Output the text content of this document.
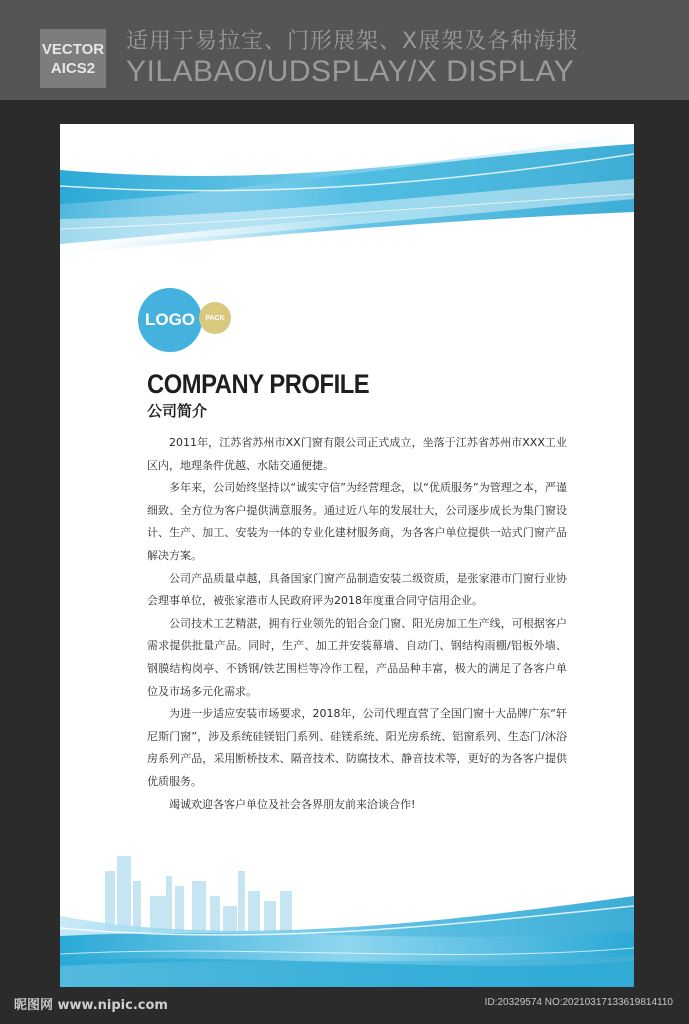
VECTOR
AICS2
适用于易拉宝、门形展架、X展架及各种海报
YILABAO/UDSPLAY/X DISPLAY
LOGO PACK
COMPANY PROFILE
公司简介

2011年，江苏省苏州市XX门窗有限公司正式成立，坐落于江苏省苏州市XXX工业区内，地理条件优越、水陆交通便捷。

多年来，公司始终坚持以“诚实守信”为经营理念，以“优质服务”为管理之本，严谨细致、全方位为客户提供满意服务。通过近八年的发展壮大，公司逐步成长为集门窗设计、生产、加工、安装为一体的专业化建材服务商，为各客户单位提供一站式门窗产品解决方案。

公司产品质量卓越，具备国家门窗产品制造安装二级资质，是张家港市门窗行业协会理事单位，被张家港市人民政府评为2018年度重合同守信用企业。

公司技术工艺精湛，拥有行业领先的铝合金门窗、阳光房加工生产线，可根据客户需求提供批量产品。同时，生产、加工并安装幕墙、自动门、钢结构雨棚/铝板外墙、钢膜结构岗亭、不锈钢/铁艺围栏等冷作工程，产品品种丰富，极大的满足了各客户单位及市场多元化需求。

为进一步适应安装市场要求，2018年，公司代理直营了全国门窗十大品牌广东“轩尼斯门窗”，涉及系统硅镁铝门系列、硅镁系统、阳光房系统、铝窗系列、生态门/沐浴房系列产品，采用断桥技术、隔音技术、防腐技术、静音技术等，更好的为各客户提供优质服务。

竭诚欢迎各客户单位及社会各界朋友前来洽谈合作!

昵图网 www.nipic.com	ID:20329574 NO:20210317133619814110
